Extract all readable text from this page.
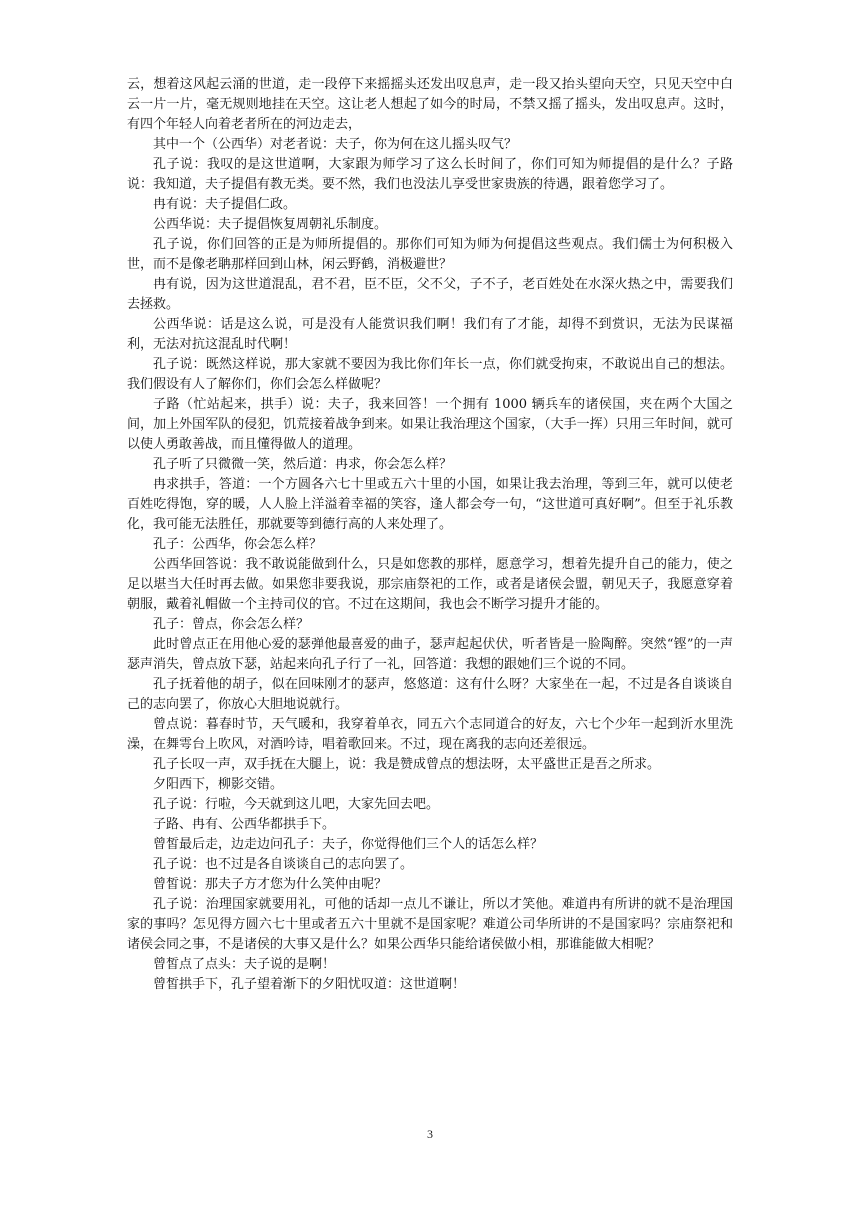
云，想着这风起云涌的世道，走一段停下来摇摇头还发出叹息声，走一段又抬头望向天空，只见天空中白云一片一片，毫无规则地挂在天空。这让老人想起了如今的时局，不禁又摇了摇头，发出叹息声。这时，有四个年轻人向着老者所在的河边走去，

其中一个（公西华）对老者说：夫子，你为何在这儿摇头叹气？

孔子说：我叹的是这世道啊，大家跟为师学习了这么长时间了，你们可知为师提倡的是什么？子路说：我知道，夫子提倡有教无类。要不然，我们也没法儿享受世家贵族的待遇，跟着您学习了。

冉有说：夫子提倡仁政。

公西华说：夫子提倡恢复周朝礼乐制度。

孔子说，你们回答的正是为师所提倡的。那你们可知为师为何提倡这些观点。我们儒士为何积极入世，而不是像老聃那样回到山林，闲云野鹤，消极避世？

冉有说，因为这世道混乱，君不君，臣不臣，父不父，子不子，老百姓处在水深火热之中，需要我们去拯救。

公西华说：话是这么说，可是没有人能赏识我们啊！我们有了才能，却得不到赏识，无法为民谋福利，无法对抗这混乱时代啊！

孔子说：既然这样说，那大家就不要因为我比你们年长一点，你们就受拘束，不敢说出自己的想法。我们假设有人了解你们，你们会怎么样做呢？

子路（忙站起来，拱手）说：夫子，我来回答！一个拥有 1000 辆兵车的诸侯国，夹在两个大国之间，加上外国军队的侵犯，饥荒接着战争到来。如果让我治理这个国家，（大手一挥）只用三年时间，就可以使人勇敢善战，而且懂得做人的道理。

孔子听了只微微一笑，然后道：冉求，你会怎么样？

冉求拱手，答道：一个方圆各六七十里或五六十里的小国，如果让我去治理，等到三年，就可以使老百姓吃得饱，穿的暖，人人脸上洋溢着幸福的笑容，逢人都会夸一句，“这世道可真好啊”。但至于礼乐教化，我可能无法胜任，那就要等到德行高的人来处理了。

孔子：公西华，你会怎么样？

公西华回答说：我不敢说能做到什么，只是如您教的那样，愿意学习，想着先提升自己的能力，使之足以堪当大任时再去做。如果您非要我说，那宗庙祭祀的工作，或者是诸侯会盟，朝见天子，我愿意穿着朝服，戴着礼帽做一个主持司仪的官。不过在这期间，我也会不断学习提升才能的。

孔子：曾点，你会怎么样？

此时曾点正在用他心爱的瑟弹他最喜爱的曲子，瑟声起起伏伏，听者皆是一脸陶醉。突然“铿”的一声瑟声消失，曾点放下瑟，站起来向孔子行了一礼，回答道：我想的跟她们三个说的不同。

孔子抚着他的胡子，似在回味刚才的瑟声，悠悠道：这有什么呀？大家坐在一起，不过是各自谈谈自己的志向罢了，你放心大胆地说就行。

曾点说：暮春时节，天气暖和，我穿着单衣，同五六个志同道合的好友，六七个少年一起到沂水里洗澡，在舞雩台上吹风，对酒吟诗，唱着歌回来。不过，现在离我的志向还差很远。

孔子长叹一声，双手抚在大腿上，说：我是赞成曾点的想法呀，太平盛世正是吾之所求。

夕阳西下，柳影交错。

孔子说：行啦，今天就到这儿吧，大家先回去吧。

子路、冉有、公西华都拱手下。

曾皙最后走，边走边问孔子：夫子，你觉得他们三个人的话怎么样？

孔子说：也不过是各自谈谈自己的志向罢了。

曾皙说：那夫子方才您为什么笑仲由呢？

孔子说：治理国家就要用礼，可他的话却一点儿不谦让，所以才笑他。难道冉有所讲的就不是治理国家的事吗？怎见得方圆六七十里或者五六十里就不是国家呢？难道公司华所讲的不是国家吗？宗庙祭祀和诸侯会同之事，不是诸侯的大事又是什么？如果公西华只能给诸侯做小相，那谁能做大相呢？

曾皙点了点头：夫子说的是啊！

曾皙拱手下，孔子望着渐下的夕阳忧叹道：这世道啊！

3
